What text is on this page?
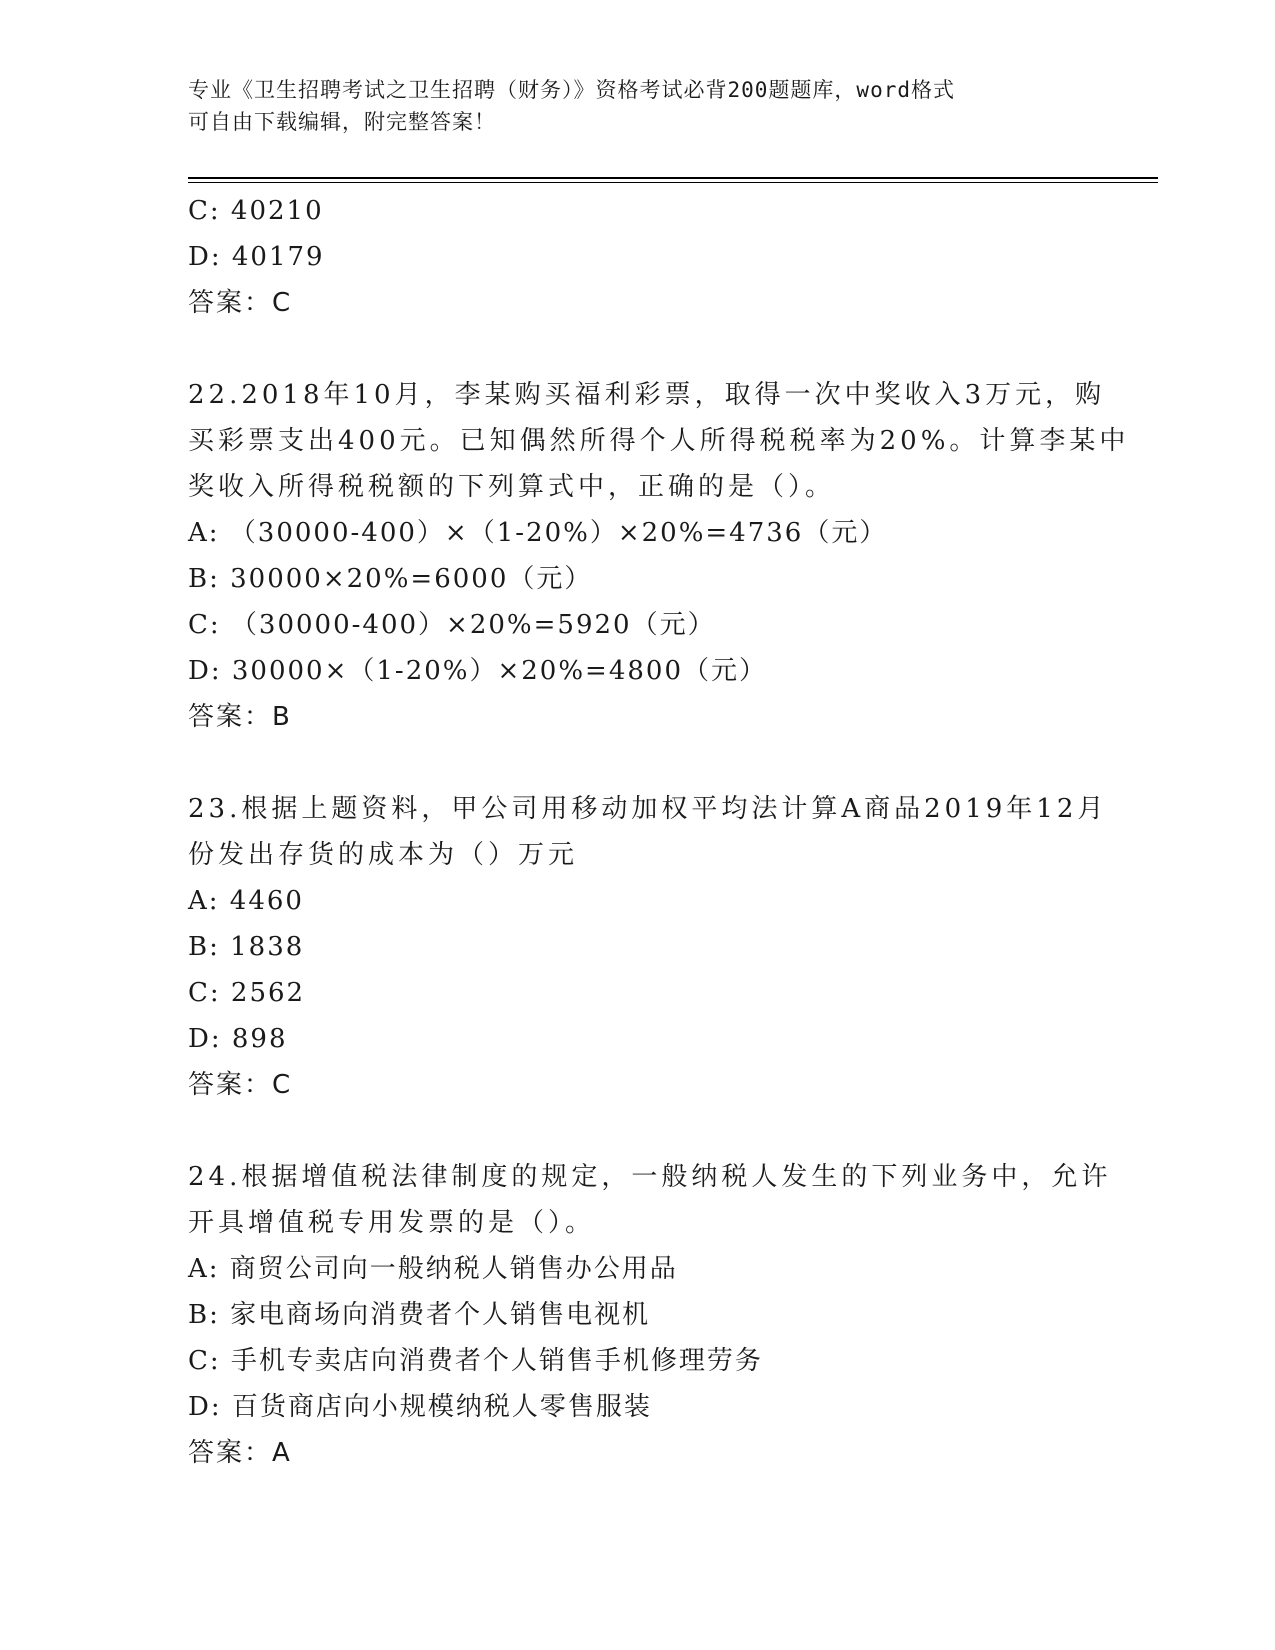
专业《卫生招聘考试之卫生招聘（财务）》资格考试必背200题题库，word格式
可自由下载编辑，附完整答案！
C: 40210
D: 40179
答案：C
22.2018年10月，李某购买福利彩票，取得一次中奖收入3万元，购
买彩票支出400元。已知偶然所得个人所得税税率为20%。计算李某中
奖收入所得税税额的下列算式中，正确的是（）。
A: （30000-400）×（1-20%）×20%=4736（元）
B: 30000×20%=6000（元）
C: （30000-400）×20%=5920（元）
D: 30000×（1-20%）×20%=4800（元）
答案：B
23.根据上题资料，甲公司用移动加权平均法计算A商品2019年12月
份发出存货的成本为（）万元
A: 4460
B: 1838
C: 2562
D: 898
答案：C
24.根据增值税法律制度的规定，一般纳税人发生的下列业务中，允许
开具增值税专用发票的是（）。
A: 商贸公司向一般纳税人销售办公用品
B: 家电商场向消费者个人销售电视机
C: 手机专卖店向消费者个人销售手机修理劳务
D: 百货商店向小规模纳税人零售服装
答案：A
